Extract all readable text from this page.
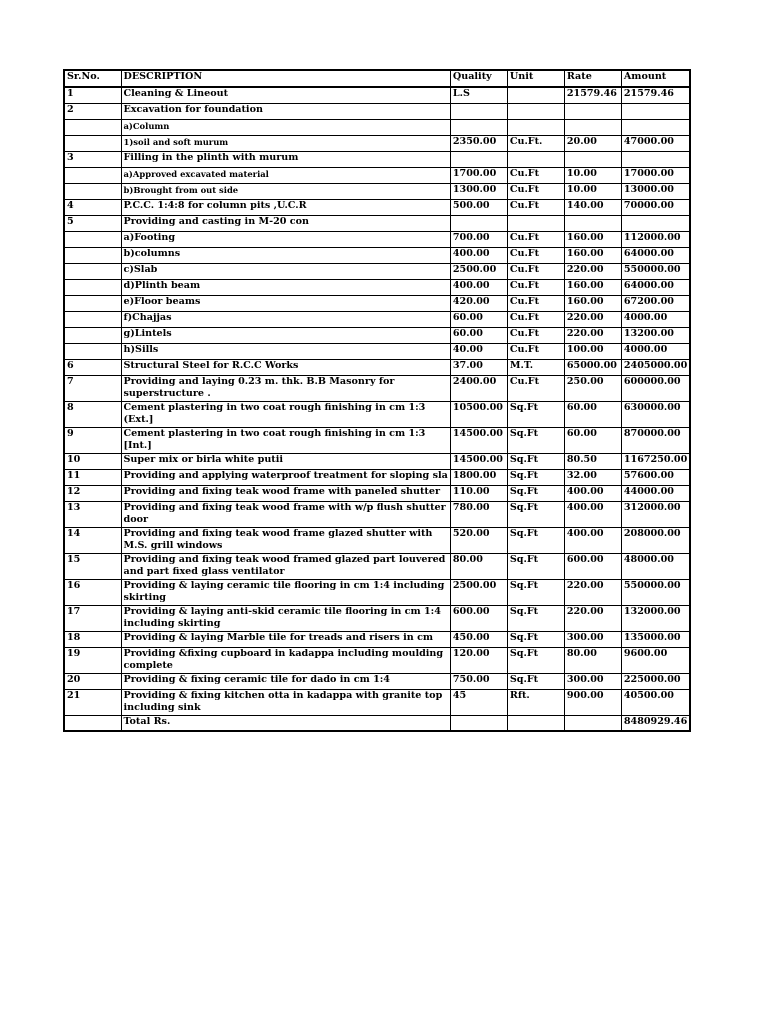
Sr.No.	DESCRIPTION	Quality	Unit	Rate	Amount
1	Cleaning & Lineout	L.S		21579.46	21579.46
2	Excavation for foundation				
	a)Column				
	1)soil and soft murum	2350.00	Cu.Ft.	20.00	47000.00
3	Filling in the plinth with murum				
	a)Approved excavated material	1700.00	Cu.Ft	10.00	17000.00
	b)Brought from out side	1300.00	Cu.Ft	10.00	13000.00
4	P.C.C. 1:4:8 for column pits ,U.C.R	500.00	Cu.Ft	140.00	70000.00
5	Providing and casting in M-20 con				
	a)Footing	700.00	Cu.Ft	160.00	112000.00
	b)columns	400.00	Cu.Ft	160.00	64000.00
	c)Slab	2500.00	Cu.Ft	220.00	550000.00
	d)Plinth beam	400.00	Cu.Ft	160.00	64000.00
	e)Floor beams	420.00	Cu.Ft	160.00	67200.00
	f)Chajjas	60.00	Cu.Ft	220.00	4000.00
	g)Lintels	60.00	Cu.Ft	220.00	13200.00
	h)Sills	40.00	Cu.Ft	100.00	4000.00
6	Structural Steel for R.C.C Works	37.00	M.T.	65000.00	2405000.00
7	Providing and laying 0.23 m. thk. B.B Masonry for superstructure .	2400.00	Cu.Ft	250.00	600000.00
8	Cement plastering in two coat rough finishing in cm 1:3 (Ext.]	10500.00	Sq.Ft	60.00	630000.00
9	Cement plastering in two coat rough finishing in cm 1:3 [Int.]	14500.00	Sq.Ft	60.00	870000.00
10	Super mix or birla white putii	14500.00	Sq.Ft	80.50	1167250.00
11	Providing and applying waterproof treatment for sloping sla	1800.00	Sq.Ft	32.00	57600.00
12	Providing and fixing teak wood frame with paneled shutter	110.00	Sq.Ft	400.00	44000.00
13	Providing and fixing teak wood frame with w/p flush shutter door	780.00	Sq.Ft	400.00	312000.00
14	Providing and fixing teak wood frame glazed shutter with M.S. grill windows	520.00	Sq.Ft	400.00	208000.00
15	Providing and fixing teak wood framed glazed part louvered and part fixed glass ventilator	80.00	Sq.Ft	600.00	48000.00
16	Providing & laying ceramic tile flooring in cm 1:4 including skirting	2500.00	Sq.Ft	220.00	550000.00
17	Providing & laying anti-skid ceramic tile flooring in cm 1:4 including skirting	600.00	Sq.Ft	220.00	132000.00
18	Providing & laying Marble tile for treads and risers in cm	450.00	Sq.Ft	300.00	135000.00
19	Providing &fixing cupboard in kadappa including moulding complete	120.00	Sq.Ft	80.00	9600.00
20	Providing & fixing ceramic tile for dado in cm 1:4	750.00	Sq.Ft	300.00	225000.00
21	Providing & fixing kitchen otta in kadappa with granite top including sink	45	Rft.	900.00	40500.00
	Total Rs.				8480929.46
